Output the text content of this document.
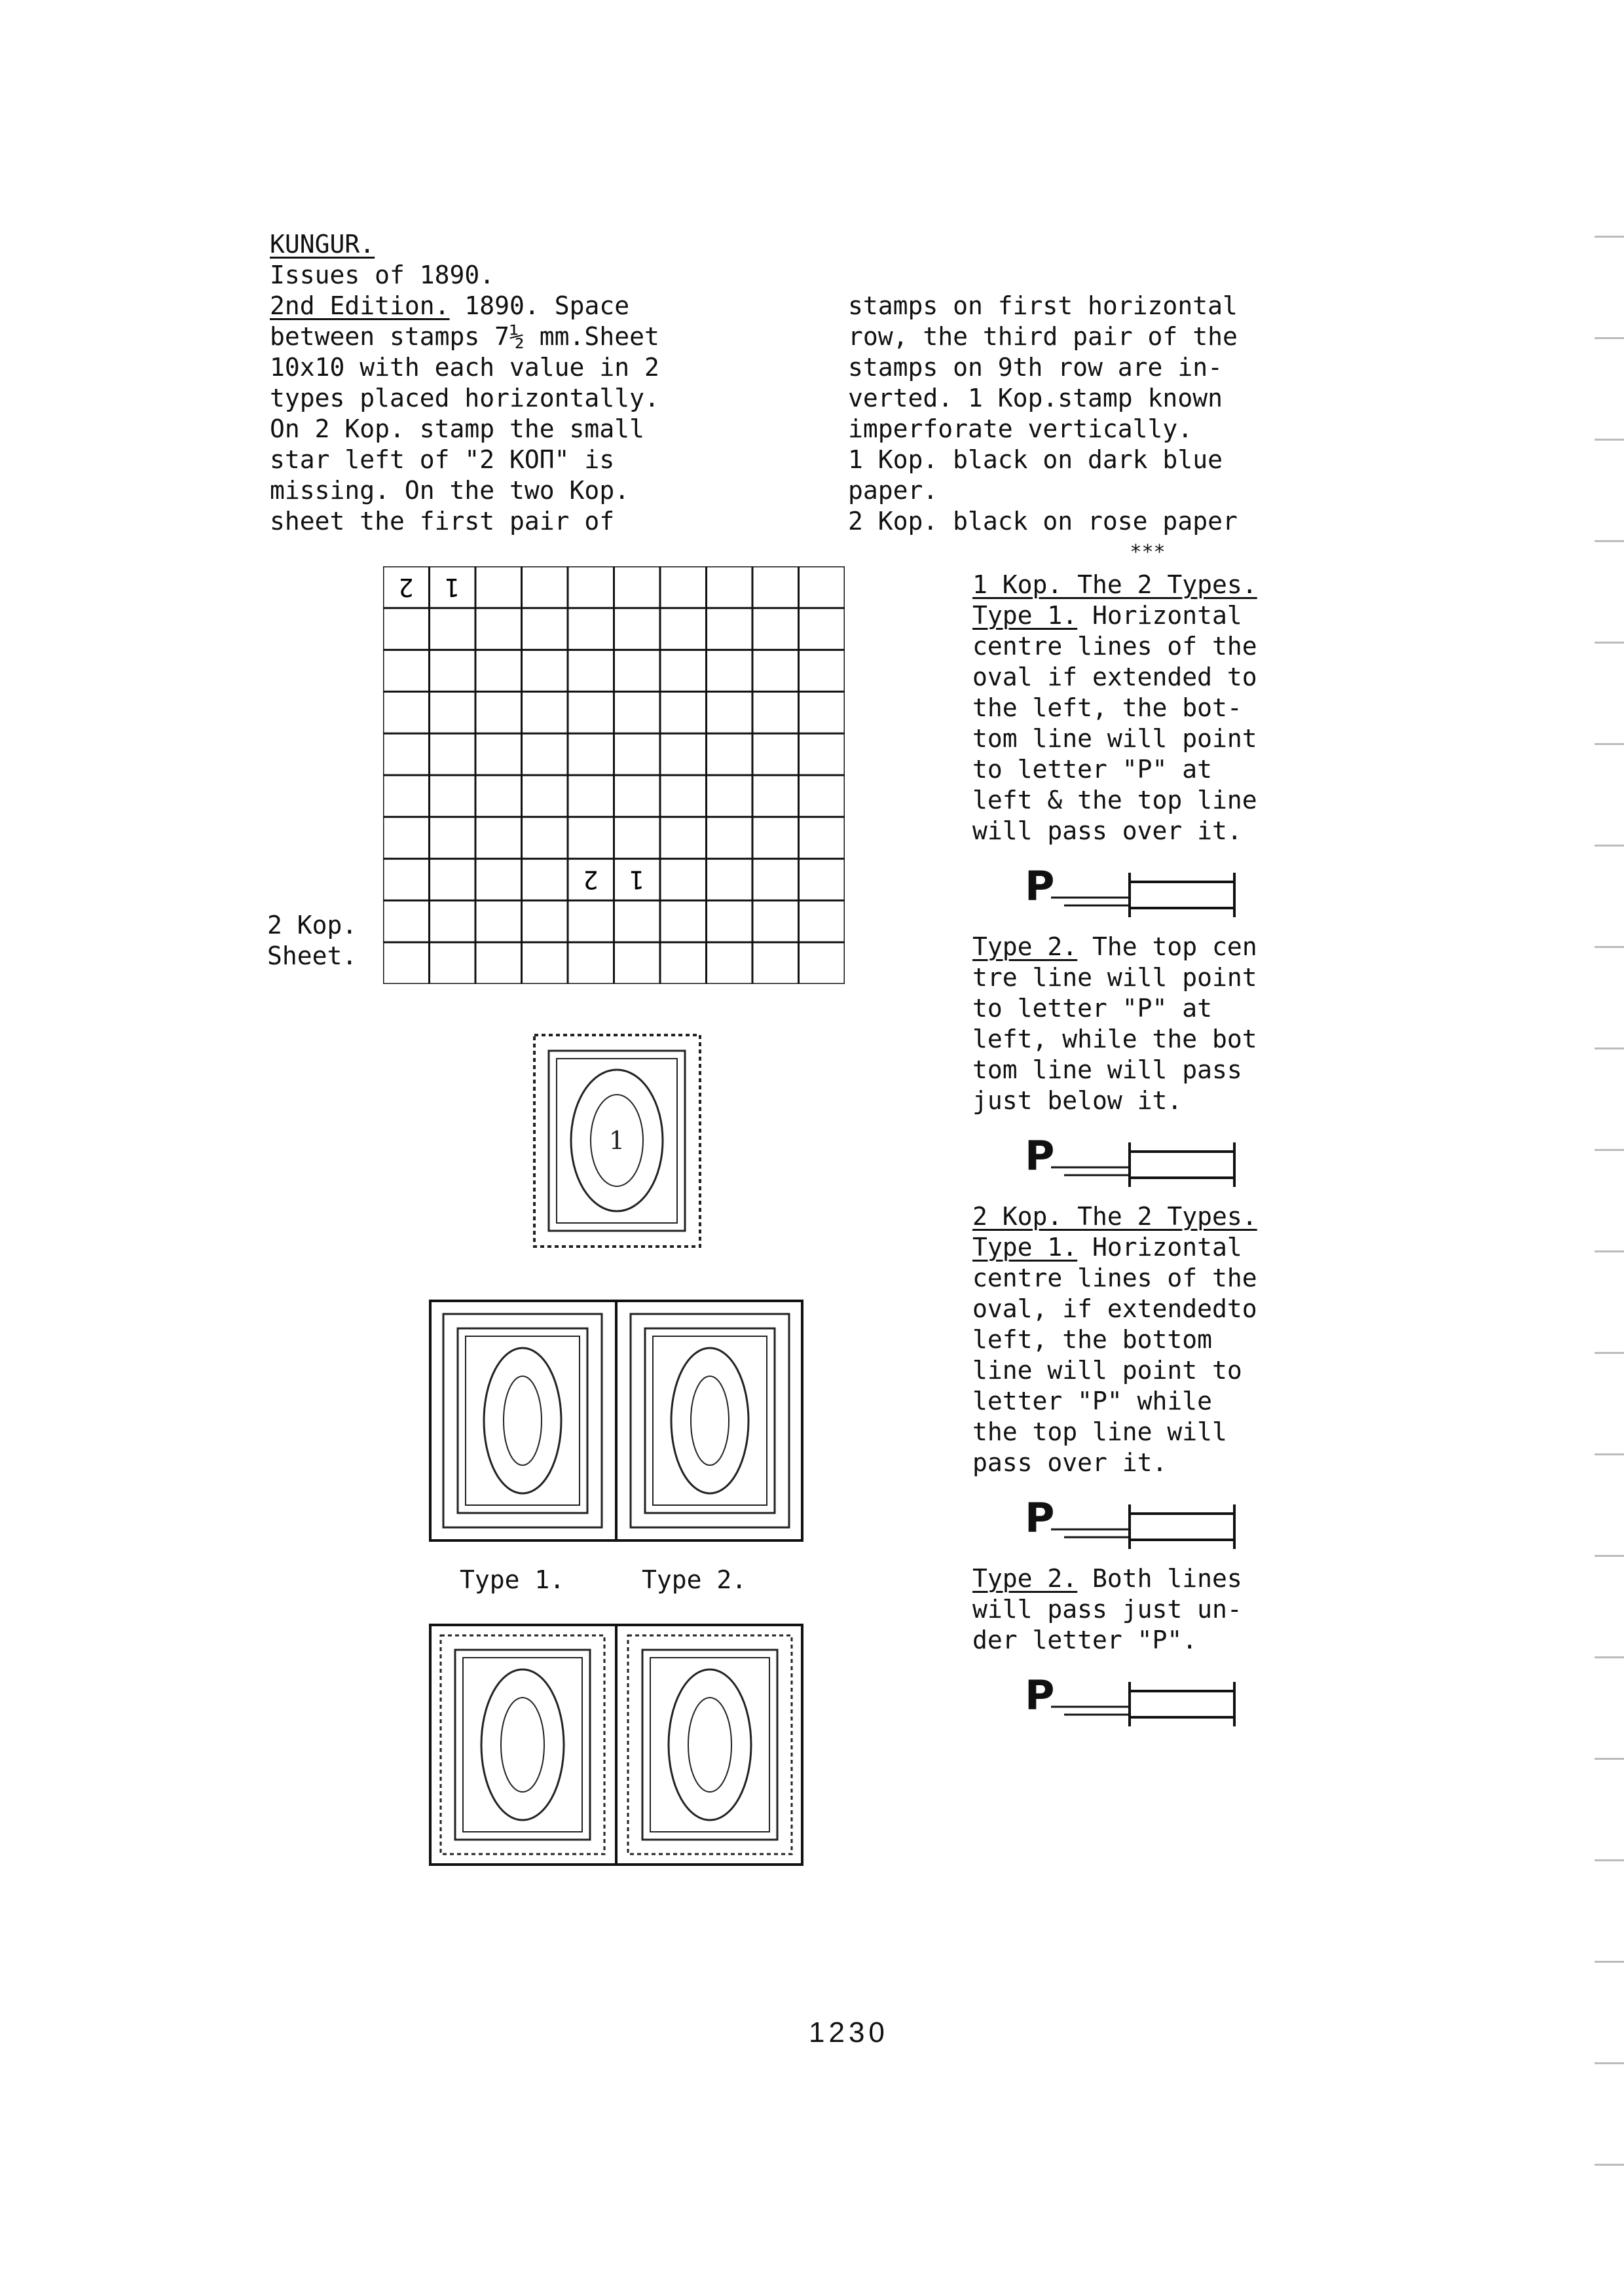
KUNGUR.
Issues of 1890.
2nd Edition. 1890. Space
between stamps 7½ mm.Sheet
10x10 with each value in 2
types placed horizontally.
On 2 Kop. stamp the small
star left of "2 КОП" is
missing. On the two Kop.
sheet the first pair of
stamps on first horizontal
row, the third pair of the
stamps on 9th row are in-
verted. 1 Kop.stamp known
imperforate vertically.
1 Kop. black on dark blue
paper.
2 Kop. black on rose paper
***
2 1
2 1
2 Kop.
Sheet.
1 Kop. The 2 Types.
Type 1. Horizontal
centre lines of the
oval if extended to
the left, the bot-
tom line will point
to letter "P" at
left & the top line
will pass over it.
P
Type 2. The top cen
tre line will point
to letter "P" at
left, while the bot
tom line will pass
just below it.
P
2 Kop. The 2 Types.
Type 1. Horizontal
centre lines of the
oval, if extendedto
left, the bottom
line will point to
letter "P" while
the top line will
pass over it.
P
Type 2. Both lines
will pass just un-
der letter "P".
P
1
Type 1.	Type 2.
1230
